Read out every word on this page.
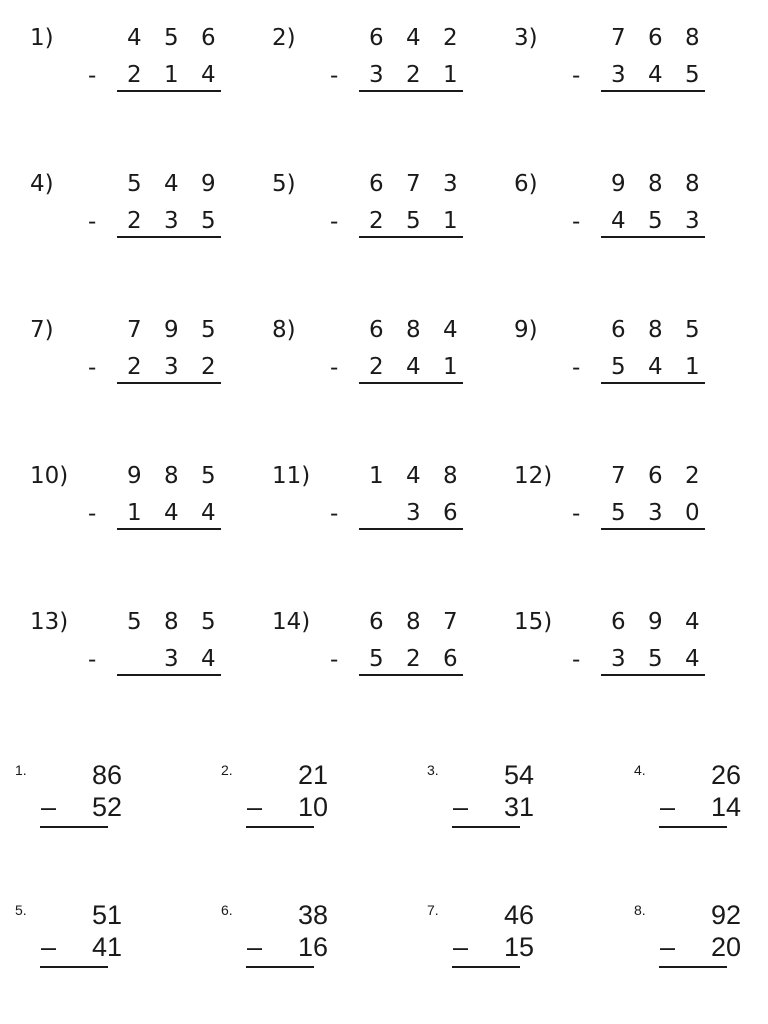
1)	4 5 6
- 2 1 4
2)	6 4 2
- 3 2 1
3)	7 6 8
- 3 4 5
4)	5 4 9
- 2 3 5
5)	6 7 3
- 2 5 1
6)	9 8 8
- 4 5 3
7)	7 9 5
- 2 3 2
8)	6 8 4
- 2 4 1
9)	6 8 5
- 5 4 1
10)	9 8 5
- 1 4 4
11)	1 4 8
-	3 6
12)	7 6 2
- 5 3 0
13)	5 8 5
-	3 4
14)	6 8 7
- 5 2 6
15)	6 9 4
- 3 5 4
1.	86
–	52
2.	21
–	10
3.	54
–	31
4.	26
–	14
5.	51
–	41
6.	38
–	16
7.	46
–	15
8.	92
–	20
